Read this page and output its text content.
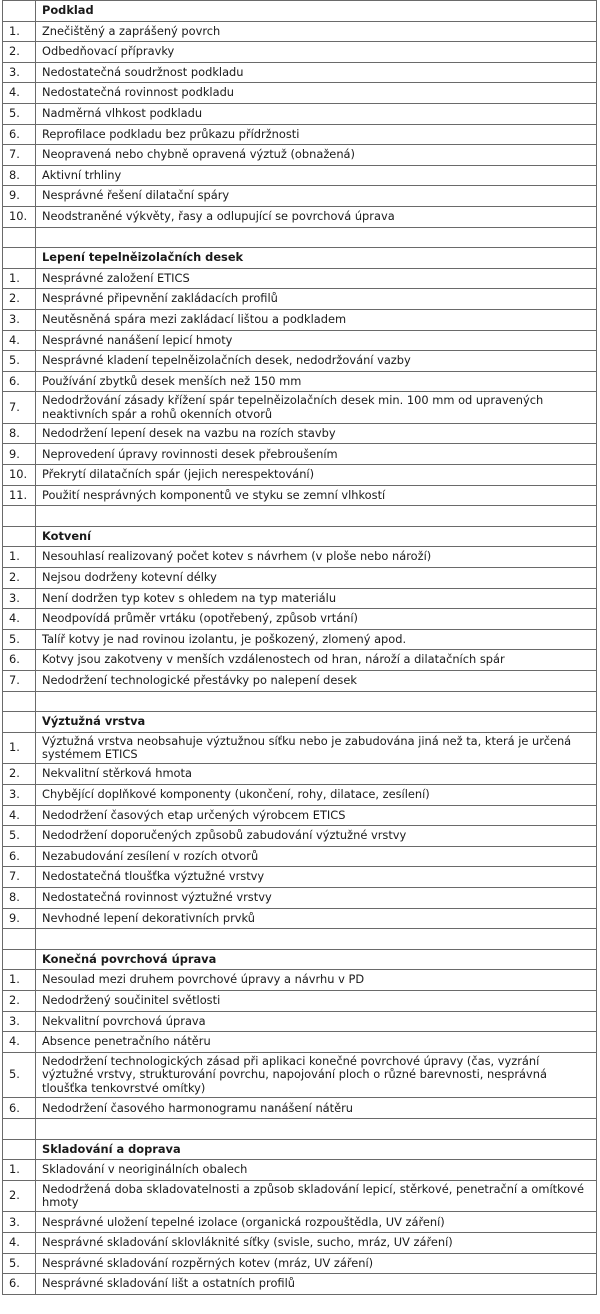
	Podklad
1.	Znečištěný a zaprášený povrch
2.	Odbedňovací přípravky
3.	Nedostatečná soudržnost podkladu
4.	Nedostatečná rovinnost podkladu
5.	Nadměrná vlhkost podkladu
6.	Reprofilace podkladu bez průkazu přídržnosti
7.	Neopravená nebo chybně opravená výztuž (obnažená)
8.	Aktivní trhliny
9.	Nesprávné řešení dilatační spáry
10.	Neodstraněné výkvěty, řasy a odlupující se povrchová úprava

	Lepení tepelněizolačních desek
1.	Nesprávné založení ETICS
2.	Nesprávné připevnění zakládacích profilů
3.	Neutěsněná spára mezi zakládací lištou a podkladem
4.	Nesprávné nanášení lepicí hmoty
5.	Nesprávné kladení tepelněizolačních desek, nedodržování vazby
6.	Používání zbytků desek menších než 150 mm
7.	Nedodržování zásady křížení spár tepelněizolačních desek min. 100 mm od upravených neaktivních spár a rohů okenních otvorů
8.	Nedodržení lepení desek na vazbu na rozích stavby
9.	Neprovedení úpravy rovinnosti desek přebroušením
10.	Překrytí dilatačních spár (jejich nerespektování)
11.	Použití nesprávných komponentů ve styku se zemní vlhkostí

	Kotvení
1.	Nesouhlasí realizovaný počet kotev s návrhem (v ploše nebo nároží)
2.	Nejsou dodrženy kotevní délky
3.	Není dodržen typ kotev s ohledem na typ materiálu
4.	Neodpovídá průměr vrtáku (opotřebený, způsob vrtání)
5.	Talíř kotvy je nad rovinou izolantu, je poškozený, zlomený apod.
6.	Kotvy jsou zakotveny v menších vzdálenostech od hran, nároží a dilatačních spár
7.	Nedodržení technologické přestávky po nalepení desek

	Výztužná vrstva
1.	Výztužná vrstva neobsahuje výztužnou síťku nebo je zabudována jiná než ta, která je určená systémem ETICS
2.	Nekvalitní stěrková hmota
3.	Chybějící doplňkové komponenty (ukončení, rohy, dilatace, zesílení)
4.	Nedodržení časových etap určených výrobcem ETICS
5.	Nedodržení doporučených způsobů zabudování výztužné vrstvy
6.	Nezabudování zesílení v rozích otvorů
7.	Nedostatečná tloušťka výztužné vrstvy
8.	Nedostatečná rovinnost výztužné vrstvy
9.	Nevhodné lepení dekorativních prvků

	Konečná povrchová úprava
1.	Nesoulad mezi druhem povrchové úpravy a návrhu v PD
2.	Nedodržený součinitel světlosti
3.	Nekvalitní povrchová úprava
4.	Absence penetračního nátěru
5.	Nedodržení technologických zásad při aplikaci konečné povrchové úpravy (čas, vyzrání výztužné vrstvy, strukturování povrchu, napojování ploch o různé barevnosti, nesprávná tloušťka tenkovrstvé omítky)
6.	Nedodržení časového harmonogramu nanášení nátěru

	Skladování a doprava
1.	Skladování v neoriginálních obalech
2.	Nedodržená doba skladovatelnosti a způsob skladování lepicí, stěrkové, penetrační a omítkové hmoty
3.	Nesprávné uložení tepelné izolace (organická rozpouštědla, UV záření)
4.	Nesprávné skladování sklovláknité síťky (svisle, sucho, mráz, UV záření)
5.	Nesprávné skladování rozpěrných kotev (mráz, UV záření)
6.	Nesprávné skladování lišt a ostatních profilů
